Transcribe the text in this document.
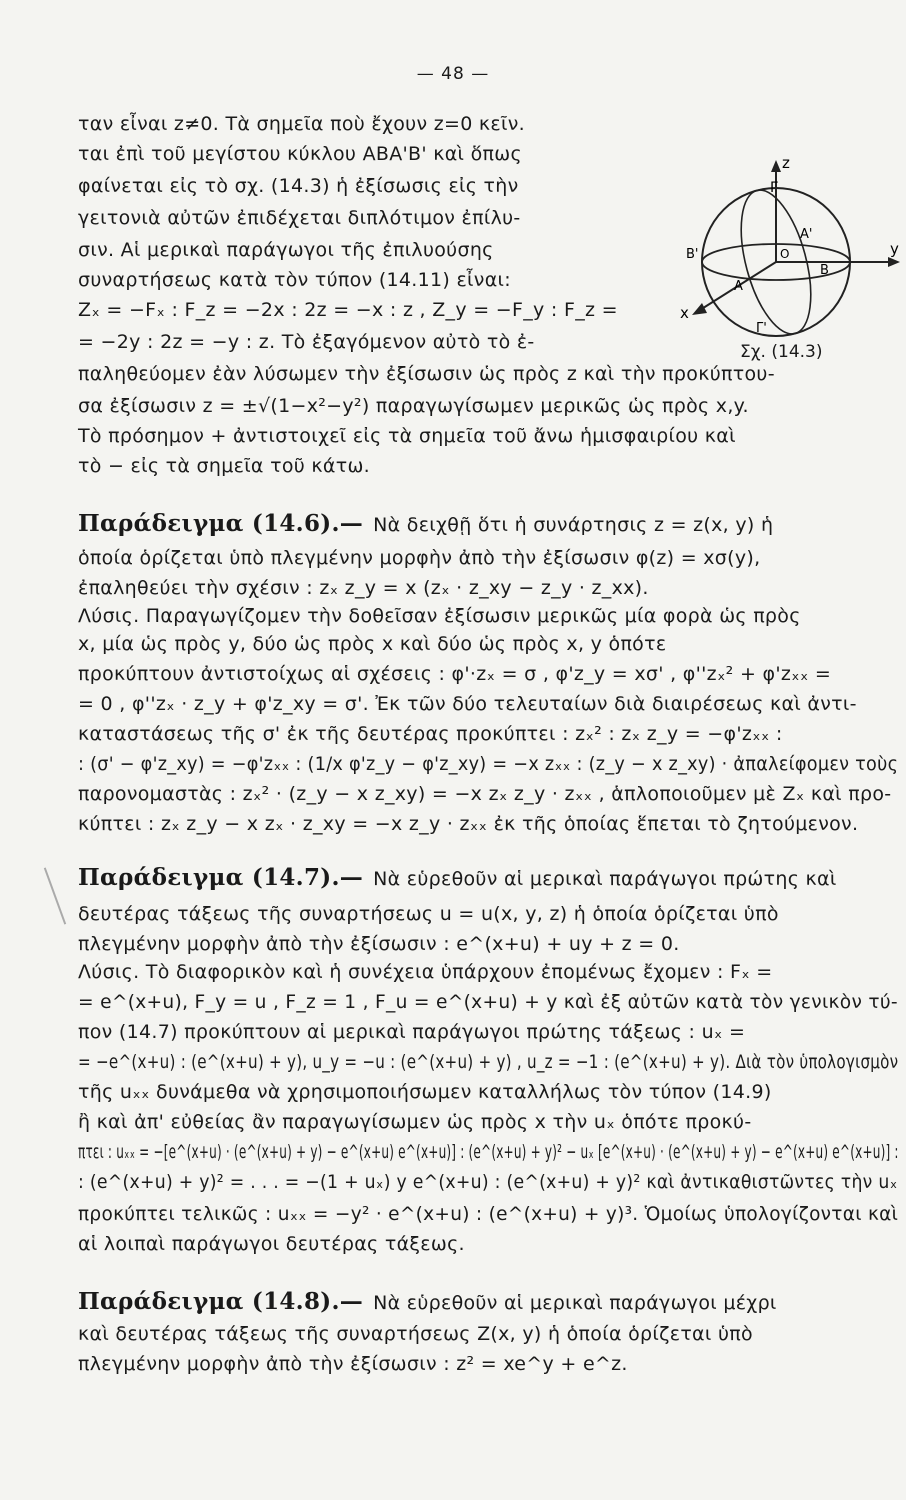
— 48 —
ταν εἶναι z≠0. Τὰ σημεῖα ποὺ ἔχουν z=0 κεῖν.
ται ἐπὶ τοῦ μεγίστου κύκλου ΑΒΑ'Β' καὶ ὅπως
φαίνεται εἰς τὸ σχ. (14.3) ἡ ἐξίσωσις εἰς τὴν
γειτονιὰ αὐτῶν ἐπιδέχεται διπλότιμον ἐπίλυ-
σιν. Αἱ μερικαὶ παράγωγοι τῆς ἐπιλυούσης
συναρτήσεως κατὰ τὸν τύπον (14.11) εἶναι:
Zₓ = −Fₓ : F_z = −2x : 2z = −x : z , Z_y = −F_y : F_z =
= −2y : 2z = −y : z. Τὸ ἐξαγόμενον αὐτὸ τὸ ἐ-
παληθεύομεν ἐὰν λύσωμεν τὴν ἐξίσωσιν ὡς πρὸς z καὶ τὴν προκύπτου-
σα ἐξίσωσιν z = ±√(1−x²−y²) παραγωγίσωμεν μερικῶς ὡς πρὸς x,y.
Τὸ πρόσημον + ἀντιστοιχεῖ εἰς τὰ σημεῖα τοῦ ἄνω ἡμισφαιρίου καὶ
τὸ − εἰς τὰ σημεῖα τοῦ κάτω.
z
Γ
y
x
Α'
O
Β
Β'
Α
Γ'
Σχ. (14.3)
Παράδειγμα (14.6).— Νὰ δειχθῇ ὅτι ἡ συνάρτησις z = z(x, y) ἡ
ὁποία ὁρίζεται ὑπὸ πλεγμένην μορφὴν ἀπὸ τὴν ἐξίσωσιν φ(z) = xσ(y),
ἐπαληθεύει τὴν σχέσιν : zₓ z_y = x (zₓ · z_xy − z_y · z_xx).
Λύσις. Παραγωγίζομεν τὴν δοθεῖσαν ἐξίσωσιν μερικῶς μία φορὰ ὡς πρὸς
x, μία ὡς πρὸς y, δύο ὡς πρὸς x καὶ δύο ὡς πρὸς x, y ὁπότε
προκύπτουν ἀντιστοίχως αἱ σχέσεις : φ'·zₓ = σ , φ'z_y = xσ' , φ''zₓ² + φ'zₓₓ =
= 0 , φ''zₓ · z_y + φ'z_xy = σ'. Ἐκ τῶν δύο τελευταίων διὰ διαιρέσεως καὶ ἀντι-
καταστάσεως τῆς σ' ἐκ τῆς δευτέρας προκύπτει : zₓ² : zₓ z_y = −φ'zₓₓ :
: (σ' − φ'z_xy) = −φ'zₓₓ : (1/x φ'z_y − φ'z_xy) = −x zₓₓ : (z_y − x z_xy) · ἀπαλείφομεν τοὺς
παρονομαστὰς : zₓ² · (z_y − x z_xy) = −x zₓ z_y · zₓₓ , ἁπλοποιοῦμεν μὲ Zₓ καὶ προ-
κύπτει : zₓ z_y − x zₓ · z_xy = −x z_y · zₓₓ ἐκ τῆς ὁποίας ἕπεται τὸ ζητούμενον.
Παράδειγμα (14.7).— Νὰ εὑρεθοῦν αἱ μερικαὶ παράγωγοι πρώτης καὶ
δευτέρας τάξεως τῆς συναρτήσεως u = u(x, y, z) ἡ ὁποία ὁρίζεται ὑπὸ
πλεγμένην μορφὴν ἀπὸ τὴν ἐξίσωσιν : e^(x+u) + uy + z = 0.
Λύσις. Τὸ διαφορικὸν καὶ ἡ συνέχεια ὑπάρχουν ἐπομένως ἔχομεν : Fₓ =
= e^(x+u), F_y = u , F_z = 1 , F_u = e^(x+u) + y καὶ ἐξ αὐτῶν κατὰ τὸν γενικὸν τύ-
πον (14.7) προκύπτουν αἱ μερικαὶ παράγωγοι πρώτης τάξεως : uₓ =
= −e^(x+u) : (e^(x+u) + y), u_y = −u : (e^(x+u) + y) , u_z = −1 : (e^(x+u) + y). Διὰ τὸν ὑπολογισμὸν
τῆς uₓₓ δυνάμεθα νὰ χρησιμοποιήσωμεν καταλλήλως τὸν τύπον (14.9)
ἢ καὶ ἀπ' εὐθείας ἂν παραγωγίσωμεν ὡς πρὸς x τὴν uₓ ὁπότε προκύ-
πτει : uₓₓ = −[e^(x+u) · (e^(x+u) + y) − e^(x+u) e^(x+u)] : (e^(x+u) + y)² − uₓ [e^(x+u) · (e^(x+u) + y) − e^(x+u) e^(x+u)] :
: (e^(x+u) + y)² = . . . = −(1 + uₓ) y e^(x+u) : (e^(x+u) + y)² καὶ ἀντικαθιστῶντες τὴν uₓ
προκύπτει τελικῶς : uₓₓ = −y² · e^(x+u) : (e^(x+u) + y)³. Ὁμοίως ὑπολογίζονται καὶ
αἱ λοιπαὶ παράγωγοι δευτέρας τάξεως.
Παράδειγμα (14.8).— Νὰ εὑρεθοῦν αἱ μερικαὶ παράγωγοι μέχρι
καὶ δευτέρας τάξεως τῆς συναρτήσεως Z(x, y) ἡ ὁποία ὁρίζεται ὑπὸ
πλεγμένην μορφὴν ἀπὸ τὴν ἐξίσωσιν : z² = xe^y + e^z.
